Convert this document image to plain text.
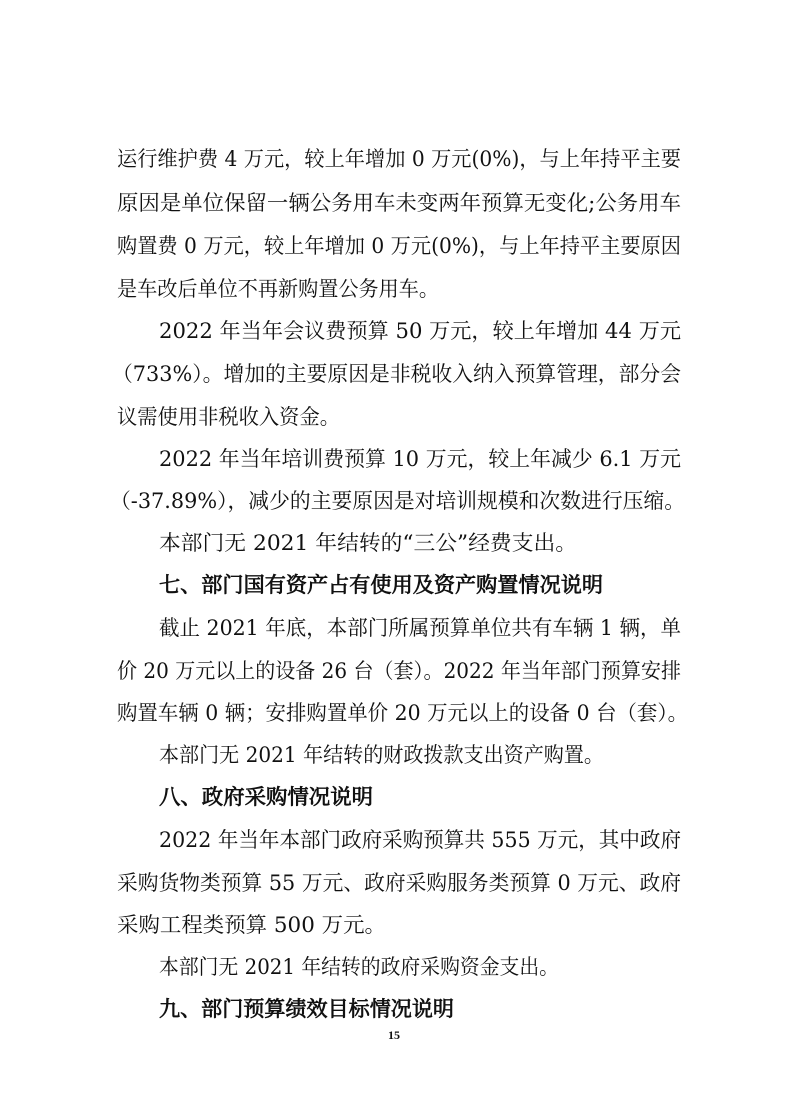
运行维护费 4 万元，较上年增加 0 万元(0%)，与上年持平主要
原因是单位保留一辆公务用车未变两年预算无变化;公务用车
购置费 0 万元，较上年增加 0 万元(0%)，与上年持平主要原因
是车改后单位不再新购置公务用车。
2022 年当年会议费预算 50 万元，较上年增加 44 万元
（733%）。增加的主要原因是非税收入纳入预算管理，部分会
议需使用非税收入资金。
2022 年当年培训费预算 10 万元，较上年减少 6.1 万元
（-37.89%），减少的主要原因是对培训规模和次数进行压缩。
本部门无 2021 年结转的“三公”经费支出。
七、部门国有资产占有使用及资产购置情况说明
截止 2021 年底，本部门所属预算单位共有车辆 1 辆，单
价 20 万元以上的设备 26 台（套）。2022 年当年部门预算安排
购置车辆 0 辆；安排购置单价 20 万元以上的设备 0 台（套）。
本部门无 2021 年结转的财政拨款支出资产购置。
八、政府采购情况说明
2022 年当年本部门政府采购预算共 555 万元，其中政府
采购货物类预算 55 万元、政府采购服务类预算 0 万元、政府
采购工程类预算 500 万元。
本部门无 2021 年结转的政府采购资金支出。
九、部门预算绩效目标情况说明
15
